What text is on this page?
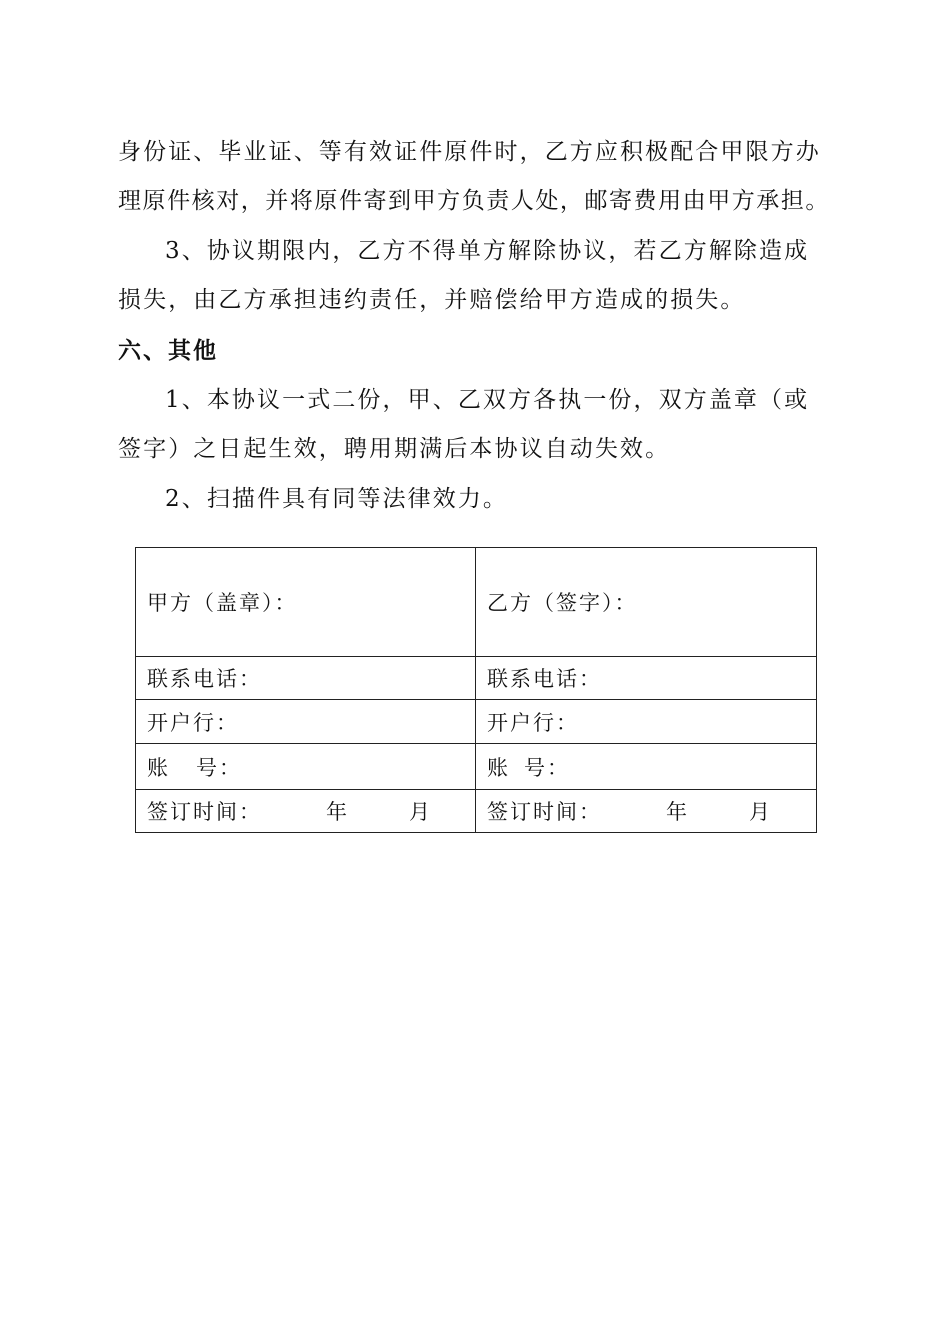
身份证、毕业证、等有效证件原件时，乙方应积极配合甲限方办
理原件核对，并将原件寄到甲方负责人处，邮寄费用由甲方承担。
3、协议期限内，乙方不得单方解除协议，若乙方解除造成
损失，由乙方承担违约责任，并赔偿给甲方造成的损失。
六、其他
1、本协议一式二份，甲、乙双方各执一份，双方盖章（或
签字）之日起生效，聘用期满后本协议自动失效。
2、扫描件具有同等法律效力。
甲方（盖章）：	乙方（签字）：
联系电话：	联系电话：
开户行：	开户行：
账 号：	账 号：
签订时间： 年 月	签订时间： 年 月
